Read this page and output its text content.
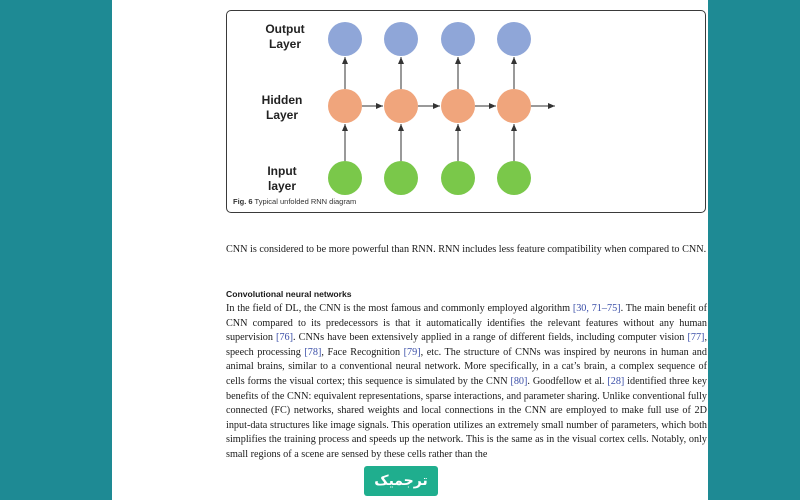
Output
Layer
Hidden
Layer
Input
layer
Fig. 6 Typical unfolded RNN diagram
CNN is considered to be more powerful than RNN. RNN includes less feature compatibility when compared to CNN.
Convolutional neural networks
In the field of DL, the CNN is the most famous and commonly employed algorithm [30, 71–75]. The main benefit of CNN compared to its predecessors is that it automatically identifies the relevant features without any human supervision [76]. CNNs have been extensively applied in a range of different fields, including computer vision [77], speech processing [78], Face Recognition [79], etc. The structure of CNNs was inspired by neurons in human and animal brains, similar to a conventional neural network. More specifically, in a cat’s brain, a complex sequence of cells forms the visual cortex; this sequence is simulated by the CNN [80]. Goodfellow et al. [28] identified three key benefits of the CNN: equivalent representations, sparse interactions, and parameter sharing. Unlike conventional fully connected (FC) networks, shared weights and local connections in the CNN are employed to make full use of 2D input-data structures like image signals. This operation utilizes an extremely small number of parameters, which both simplifies the training process and speeds up the network. This is the same as in the visual cortex cells. Notably, only small regions of a scene are sensed by these cells rather than the
ترجمیک
